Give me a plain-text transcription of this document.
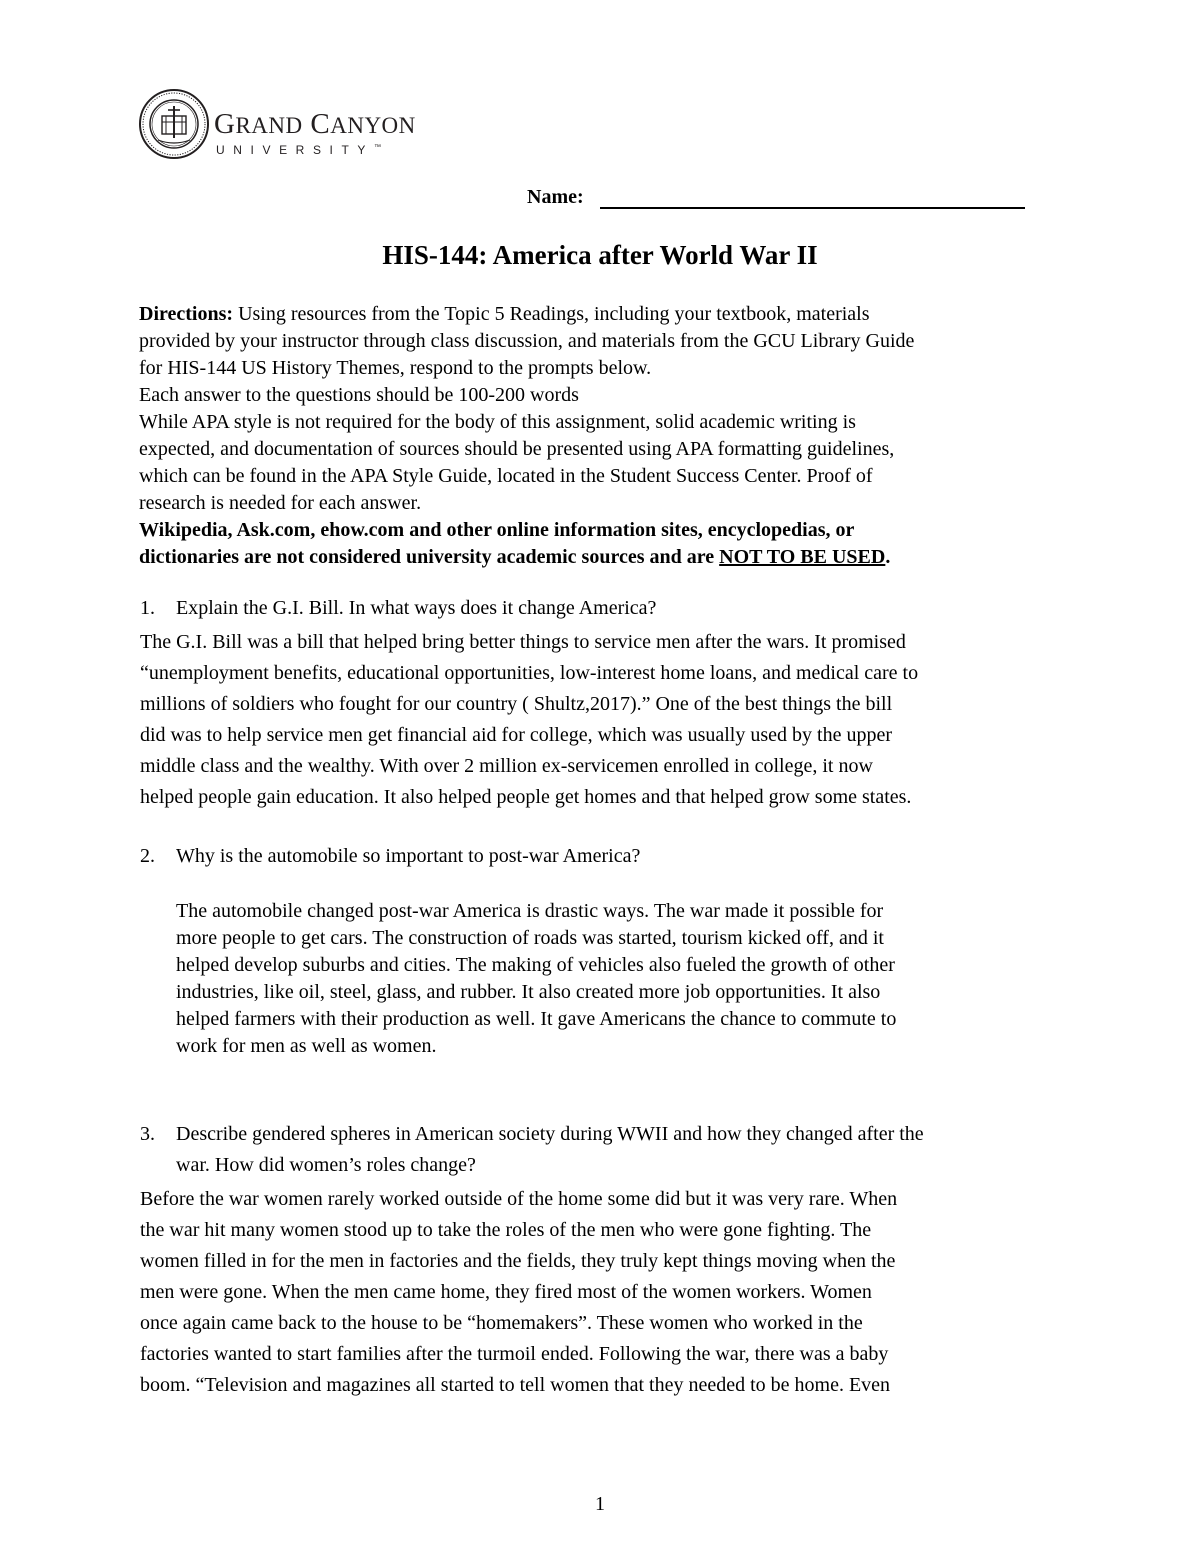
GRAND CANYON
UNIVERSITY™
Name:
HIS-144: America after World War II
Directions: Using resources from the Topic 5 Readings, including your textbook, materials
provided by your instructor through class discussion, and materials from the GCU Library Guide
for HIS-144 US History Themes, respond to the prompts below.
Each answer to the questions should be 100-200 words
While APA style is not required for the body of this assignment, solid academic writing is
expected, and documentation of sources should be presented using APA formatting guidelines,
which can be found in the APA Style Guide, located in the Student Success Center. Proof of
research is needed for each answer.
Wikipedia, Ask.com, ehow.com and other online information sites, encyclopedias, or
dictionaries are not considered university academic sources and are NOT TO BE USED.
1. Explain the G.I. Bill. In what ways does it change America?
The G.I. Bill was a bill that helped bring better things to service men after the wars. It promised
“unemployment benefits, educational opportunities, low-interest home loans, and medical care to
millions of soldiers who fought for our country ( Shultz,2017).” One of the best things the bill
did was to help service men get financial aid for college, which was usually used by the upper
middle class and the wealthy. With over 2 million ex-servicemen enrolled in college, it now
helped people gain education. It also helped people get homes and that helped grow some states.
2. Why is the automobile so important to post-war America?
The automobile changed post-war America is drastic ways. The war made it possible for
more people to get cars. The construction of roads was started, tourism kicked off, and it
helped develop suburbs and cities. The making of vehicles also fueled the growth of other
industries, like oil, steel, glass, and rubber. It also created more job opportunities. It also
helped farmers with their production as well. It gave Americans the chance to commute to
work for men as well as women.
3. Describe gendered spheres in American society during WWII and how they changed after the
war. How did women’s roles change?
Before the war women rarely worked outside of the home some did but it was very rare. When
the war hit many women stood up to take the roles of the men who were gone fighting. The
women filled in for the men in factories and the fields, they truly kept things moving when the
men were gone. When the men came home, they fired most of the women workers. Women
once again came back to the house to be “homemakers”. These women who worked in the
factories wanted to start families after the turmoil ended. Following the war, there was a baby
boom. “Television and magazines all started to tell women that they needed to be home. Even
1
